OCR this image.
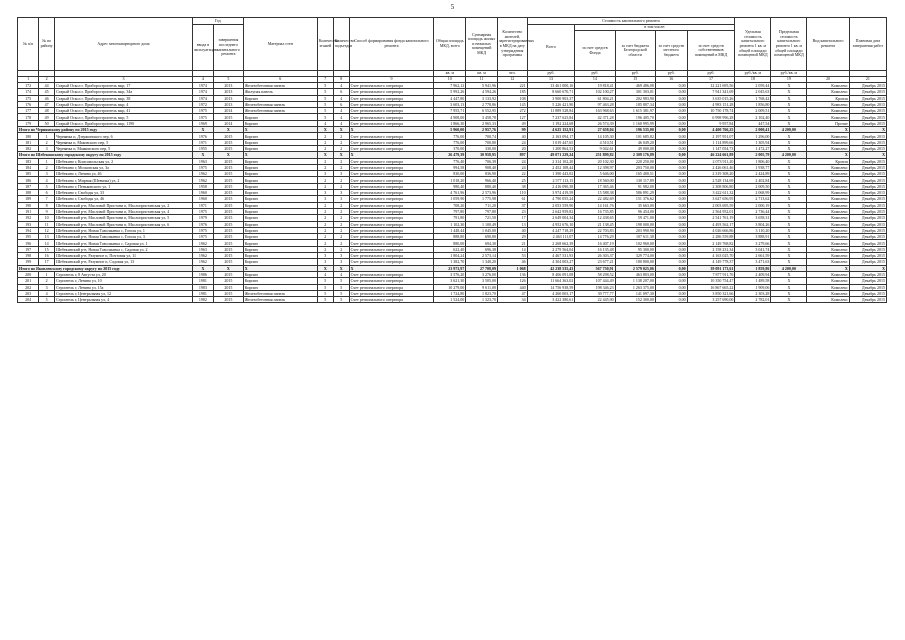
5
№ п/п	№ по району	Адрес многоквартирного дома	Год		Материал стен	Количество этажей	Количество подъездов	Способ формирования фонда капитального ремонта	Общая площадь МКД, всего	Суммарная площадь жилых и нежилых помещений МКД	Количество жителей, зарегистрированных в МКД на дату утверждения программы	Стоимость капитального ремонта					Удельная стоимость капитального ремонта 1 кв. м общей площади помещений МКД	Предельная стоимость капитального ремонта 1 кв. м общей площади помещений МКД	Вид капитального ремонта	Плановая дата завершения работ
			ввода в эксплуатацию	завершения последнего капитального ремонта								Всего	в том числе:							
													за счет средств Фонда	за счет бюджета Белгородской области	за счет средств местного бюджета	за счет средств собственников помещений в МКД				
									кв. м	кв. м	чел.	руб.	руб.	руб.	руб.	руб.	руб./кв. м	руб./кв. м		
1	2	3	4	5	6	7	8	9	10	11	12	13	14	15	16	17	18	19	20	21
172	44	Старый Оскол г, Приборостроитель мкр, 17	1974	2013	Железобетонная панель	5	4	Счет регионального оператора	7 962,12	5 941,96	221	13 461 000,16	19 818,41	469 486,08	0,00	12 221 695,56	2 059,44	X	Комплекс	Декабрь 2015
174	45	Старый Оскол г, Приборостроитель мкр, 34а	1974	2013	Жилупая панель	5	6	Счет регионального оператора	5 992,26	4 594,26	185	8 660 670,71	102 100,27	301 303,01	0,00	7 941 341,69	2 045,63	X	Комплекс	Декабрь 2015
175	46	Старый Оскол г, Приборостроитель мкр, 38	1974	2013	Кирпич	5	4	Счет регионального оператора	4 447,80	3 133,92	108	3 900 903,37	61 804,21	202 983,90	0,00	3 635 015,26	1 768,42	X	Кровля	Декабрь 2015
176	47	Старый Оскол г, Приборостроитель мкр, 4	1972	2013	Железобетонная панель	5	6	Счет регионального оператора	3 603,13	2 778,86	145	5 226 421,90	97 463,28	185 807,34	0,00	4 983 151,28	1 856,80	X	Комплекс	Декабрь 2015
177	48	Старый Оскол г, Приборостроитель мкр, 41	1975	2014	Железобетонная панель	5	4	Счет регионального оператора	7 955,71	6 552,95	272	11 889 528,84	163 968,63	1 615 381,97	0,00	10 750 178,74	2 009,51	X	Комплекс	Декабрь 2015
178	49	Старый Оскол г, Приборостроитель мкр, 5	1975	2015	Кирпич	5	4	Счет регионального оператора	4 908,00	3 458,78	127	7 237 625,84	42 371,28	196 405,70	0,00	6 998 996,28	2 102,40	X	Комплекс	Декабрь 2015
179	50	Старый Оскол г, Приборостроитель мкр, 1190	1969	2014	Кирпич	4	4	Счет регионального оператора	1 866,30	2 965,33	49	1 192 224,68	26 574,39	1 160 995,99	0,00	9 957,84	447,54	X	Прочие	Декабрь 2015
Итого по Чернянскому району по 2015 году			X	X	X	X	X	X	5 960,00	2 957,76	99	4 625 152,91	27 658,04	196 535,00	0,00	4 400 766,25	2 000,41	4 200,00	X	X
180	1	Чернянка п, Дзержинского пер, 6	1976	2015	Кирпич	2	2	Счет регионального оператора	776,00	700,74	40	2 163 094,17	14 105,30	101 685,82	0,00	2 197 951,07	1 296,00	X	Комплекс	Декабрь 2015
181	2	Чернянка п, Маковского пер, 5	1971	2015	Кирпич	2	2	Счет регионального оператора	776,00	700,80	24	1 019 447,65	4 510,51	46 049,20	0,00	1 114 899,66	1 305,94	X	Комплекс	Декабрь 2015
182	3	Чернянка п, Маяковского пер, 5	1955	2015	Кирпич	2	2	Счет регионального оператора	370,00	330,00	20	1 200 864,53	9 042,61	49 000,00	0,00	1 147 054,73	1 472,27	X	Комплекс	Декабрь 2015
Итого по Шебекинскому городскому округу по 2015 году			X	X	X	X	X	X	26 479,39	30 958,95	897	49 071 229,24	251 899,82	2 309 176,89	0,00	46 224 661,89	2 005,79	4 200,00	X	X
183	1	Шебекино г, Комсомольская ул, 2	1963	2015	Кирпич	2	2	Счет регионального оператора	776,40	706,39	24	2 314 102,20	20 102,30	220 250,00	0,00	2 073 911,20	1 806,40	X	Кровля	Декабрь 2015
184	2	Шебекино г, Московская ул, 3а	1975	2015	Кирпич	2	2	Счет регионального оператора	994,58	908,40	24	2 452 108,44	12 398,97	203 750,00	0,00	2 426 061,46	1 938,77	X	Комплекс	Декабрь 2015
185	3	Шебекино г, Ленина ул, 46	1962	2015	Кирпич	3	3	Счет регионального оператора	830,00	836,90	22	1 390 443,02	5 646,00	165 400,51	0,00	2 319 308,20	2 424,89	X	Комплекс	Декабрь 2015
186	4	Шебекино г, Мирная (Шевчика) ул, 2	1962	2015	Кирпич	2	2	Счет регионального оператора	1 018,20	966,40	25	2 577 113,15	18 560,00	130 117,89	0,00	2 528 134,69	2 402,84	X	Комплекс	Декабрь 2015
187	5	Шебекино г, Пеньковского ул, 1	1958	2015	Кирпич	2	2	Счет регионального оператора	980,40	880,40	38	2 416 090,38	17 365,46	91 982,00	0,00	2 308 806,80	2 009,50	X	Комплекс	Декабрь 2015
188	6	Шебекино г, Свободы ул, 33	1960	2015	Кирпич	3	3	Счет регионального оператора	4 761,96	2 573,96	110	3 974 419,59	15 588,38	586 891,29	0,00	3 422 611,32	2 068,99	X	Комплекс	Декабрь 2015
189	7	Шебекино г, Свободы ул, 46	1960	2015	Кирпич	3	3	Счет регионального оператора	1 059,90	1 775,98	61	4 790 055,24	22 482,69	151 376,62	0,00	3 627 656,95	2 713,62	X	Комплекс	Декабрь 2015
190	8	Шебекинский р-н, Масловой Пристани п, Маслопристанская ул, 2	1971	2015	Кирпич	2	2	Счет регионального оператора	708,20	711,20	37	2 053 559,90	14 161,76	35 663,00	0,00	2 003 695,59	2 000,19	X	Комплекс	Декабрь 2015
191	9	Шебекинский р-н, Масловой Пристани п, Маслопристанская ул, 4	1975	2015	Кирпич	2	2	Счет регионального оператора	797,80	797,80	23	2 642 959,82	16 735,85	96 454,00	0,00	2 564 952,01	2 736,44	X	Комплекс	Декабрь 2015
192	10	Шебекинский р-н, Масловой Пристани п, Маслопристанская ул, 5	1979	2015	Кирпич	2	2	Счет регионального оператора	791,80	721,50	17	2 649 004,34	12 438,65	59 471,00	0,00	2 541 761,19	3 658,31	X	Комплекс	Декабрь 2015
193	11	Шебекинский р-н, Масловой Пристани п, Маслопристанская ул, 6	1976	2015	Кирпич	2	2	Счет регионального оператора	1 102,30	1 100,49	13	4 952 676,10	21 138,45	198 000,00	0,00	4 493 562,17	3 804,26	X	Комплекс	Декабрь 2015
194	12	Шебекинский р-н, Новая Таволжанка с, Гоголя ул, 1	1975	2015	Кирпич	2	2	Счет регионального оператора	1 448,44	1 045,00	40	4 247 718,29	22 703,83	203 990,90	0,00	4 026 666,86	3 110,20	X	Комплекс	Декабрь 2015
195	13	Шебекинский р-н, Новая Таволжанка с, Гоголя ул, 3	1975	2015	Кирпич	2	2	Счет регионального оператора	888,80	690,80	29	2 463 111,07	14 776,29	107 611,30	0,00	2 286 559,88	3 888,91	X	Комплекс	Декабрь 2015
196	14	Шебекинский р-н, Новая Таволжанка с, Садовая ул, 1	1962	2015	Кирпич	2	2	Счет регионального оператора	880,00	694,30	21	2 268 662,39	16 407,19	102 960,00	0,00	2 149 768,82	3 279,66	X	Комплекс	Декабрь 2015
197	15	Шебекинский р-н, Новая Таволжанка с, Садовая ул, 2	1963	2015	Кирпич	2	2	Счет регионального оператора	622,40	696,38	14	2 279 564,04	16 135,48	95 300,00	0,00	2 158 231,34	3 041,74	X	Комплекс	Декабрь 2015
198	16	Шебекинский р-н, Разумное п, Почтовая ул, 11	1962	2015	Кирпич	3	3	Счет регионального оператора	1 804,24	2 573,14	53	4 467 531,93	26 303,37	329 774,00	0,00	4 163 025,70	2 661,59	X	Комплекс	Декабрь 2015
199	17	Шебекинский р-н, Разумное п, Садовая ул, 13	1962	2015	Кирпич	3	3	Счет регионального оператора	1 382,70	1 340,20	46	4 304 003,27	23 677,21	180 800,00	0,00	4 149 778,37	3 471,63	X	Комплекс	Декабрь 2015
Итого по Яковлевскому городскому округу по 2015 году			X	X	X	X	X	X	23 973,97	27 708,09	1 068	42 238 535,43	567 750,91	2 579 025,06	0,00	39 091 173,61	1 859,86	4 200,00	X	X
200	1	Строитель г, 8 Августа ул, 20	1986	2015	Кирпич	4	4	Счет регионального оператора	3 576,20	3 276,00	136	8 406 091,08	58 298,52	463 803,00	0,00	7 877 911,76	2 409,94	X	Комплекс	Декабрь 2015
201	2	Строитель г, Ленина ул, 10	1981	2015	Кирпич	5	5	Счет регионального оператора	3 621,30	3 505,00	126	11 664 363,02	107 444,49	1 138 207,00	0,00	10 350 754,47	1 489,58	X	Комплекс	Декабрь 2015
202	3	Строитель г, Ленина ул, 15а	1983	2015	Кирпич	5	5	Счет регионального оператора	10 279,00	9 611,00	440	14 756 938,59	198 346,23	1 263 375,00	0,00	16 867 665,22	1 909,06	X	Комплекс	Декабрь 2015
203	4	Строитель г, Центральная ул, 12	1981	2015	Железобетонная панель	5	5	Счет регионального оператора	1 724,80	1 823,70	47	4 260 003,17	39 777,77	141 097,30	0,00	3 850 321,66	2 303,28	X	Комплекс	Декабрь 2015
204	5	Строитель г, Центральная ул, 4	1982	2015	Железобетонная панель	5	5	Счет регионального оператора	1 524,00	1 323,70	34	3 422 380,61	22 445,90	152 300,00	0,00	3 257 690,00	2 782,01	X	Комплекс	Декабрь 2015
